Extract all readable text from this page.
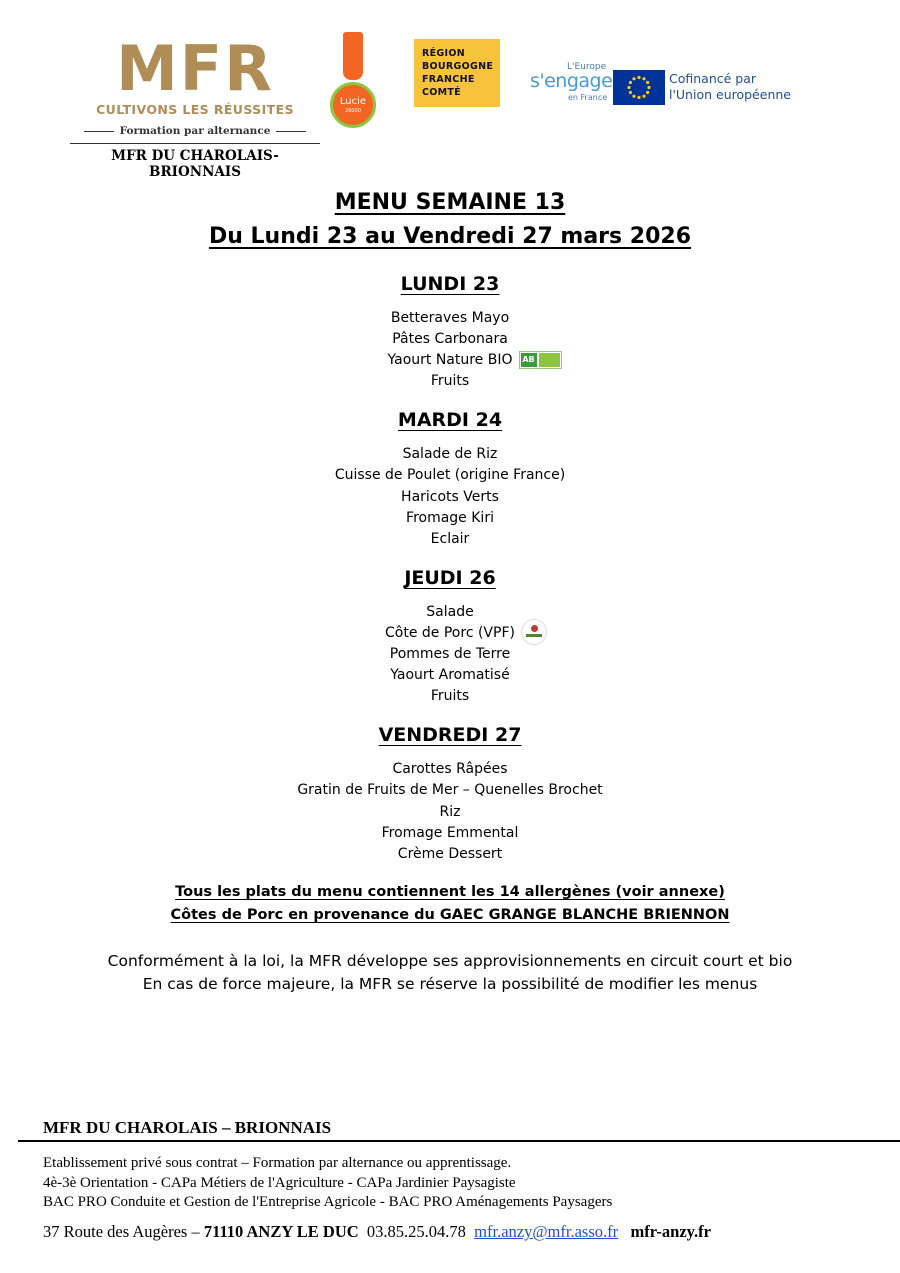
MFR
CULTIVONS LES RÉUSSITES
Formation par alternance
MFR DU CHAROLAIS-BRIONNAIS
Lucie
26000
RÉGION
BOURGOGNE
FRANCHE
COMTÉ
L'Europe
s'engage
en France
Cofinancé par
l'Union européenne
MENU SEMAINE 13
Du Lundi 23 au Vendredi 27 mars 2026
LUNDI 23
Betteraves Mayo
Pâtes Carbonara
Yaourt Nature BIO AB
Fruits
MARDI 24
Salade de Riz
Cuisse de Poulet (origine France)
Haricots Verts
Fromage Kiri
Eclair
JEUDI 26
Salade
Côte de Porc (VPF)
Pommes de Terre
Yaourt Aromatisé
Fruits
VENDREDI 27
Carottes Râpées
Gratin de Fruits de Mer – Quenelles Brochet
Riz
Fromage Emmental
Crème Dessert
Tous les plats du menu contiennent les 14 allergènes (voir annexe)
Côtes de Porc en provenance du GAEC GRANGE BLANCHE BRIENNON
Conformément à la loi, la MFR développe ses approvisionnements en circuit court et bio
En cas de force majeure, la MFR se réserve la possibilité de modifier les menus
MFR DU CHAROLAIS – BRIONNAIS
Etablissement privé sous contrat – Formation par alternance ou apprentissage.
4è-3è Orientation - CAPa Métiers de l'Agriculture - CAPa Jardinier Paysagiste
BAC PRO Conduite et Gestion de l'Entreprise Agricole - BAC PRO Aménagements Paysagers
37 Route des Augères – 71110 ANZY LE DUC 03.85.25.04.78 mfr.anzy@mfr.asso.fr mfr-anzy.fr
